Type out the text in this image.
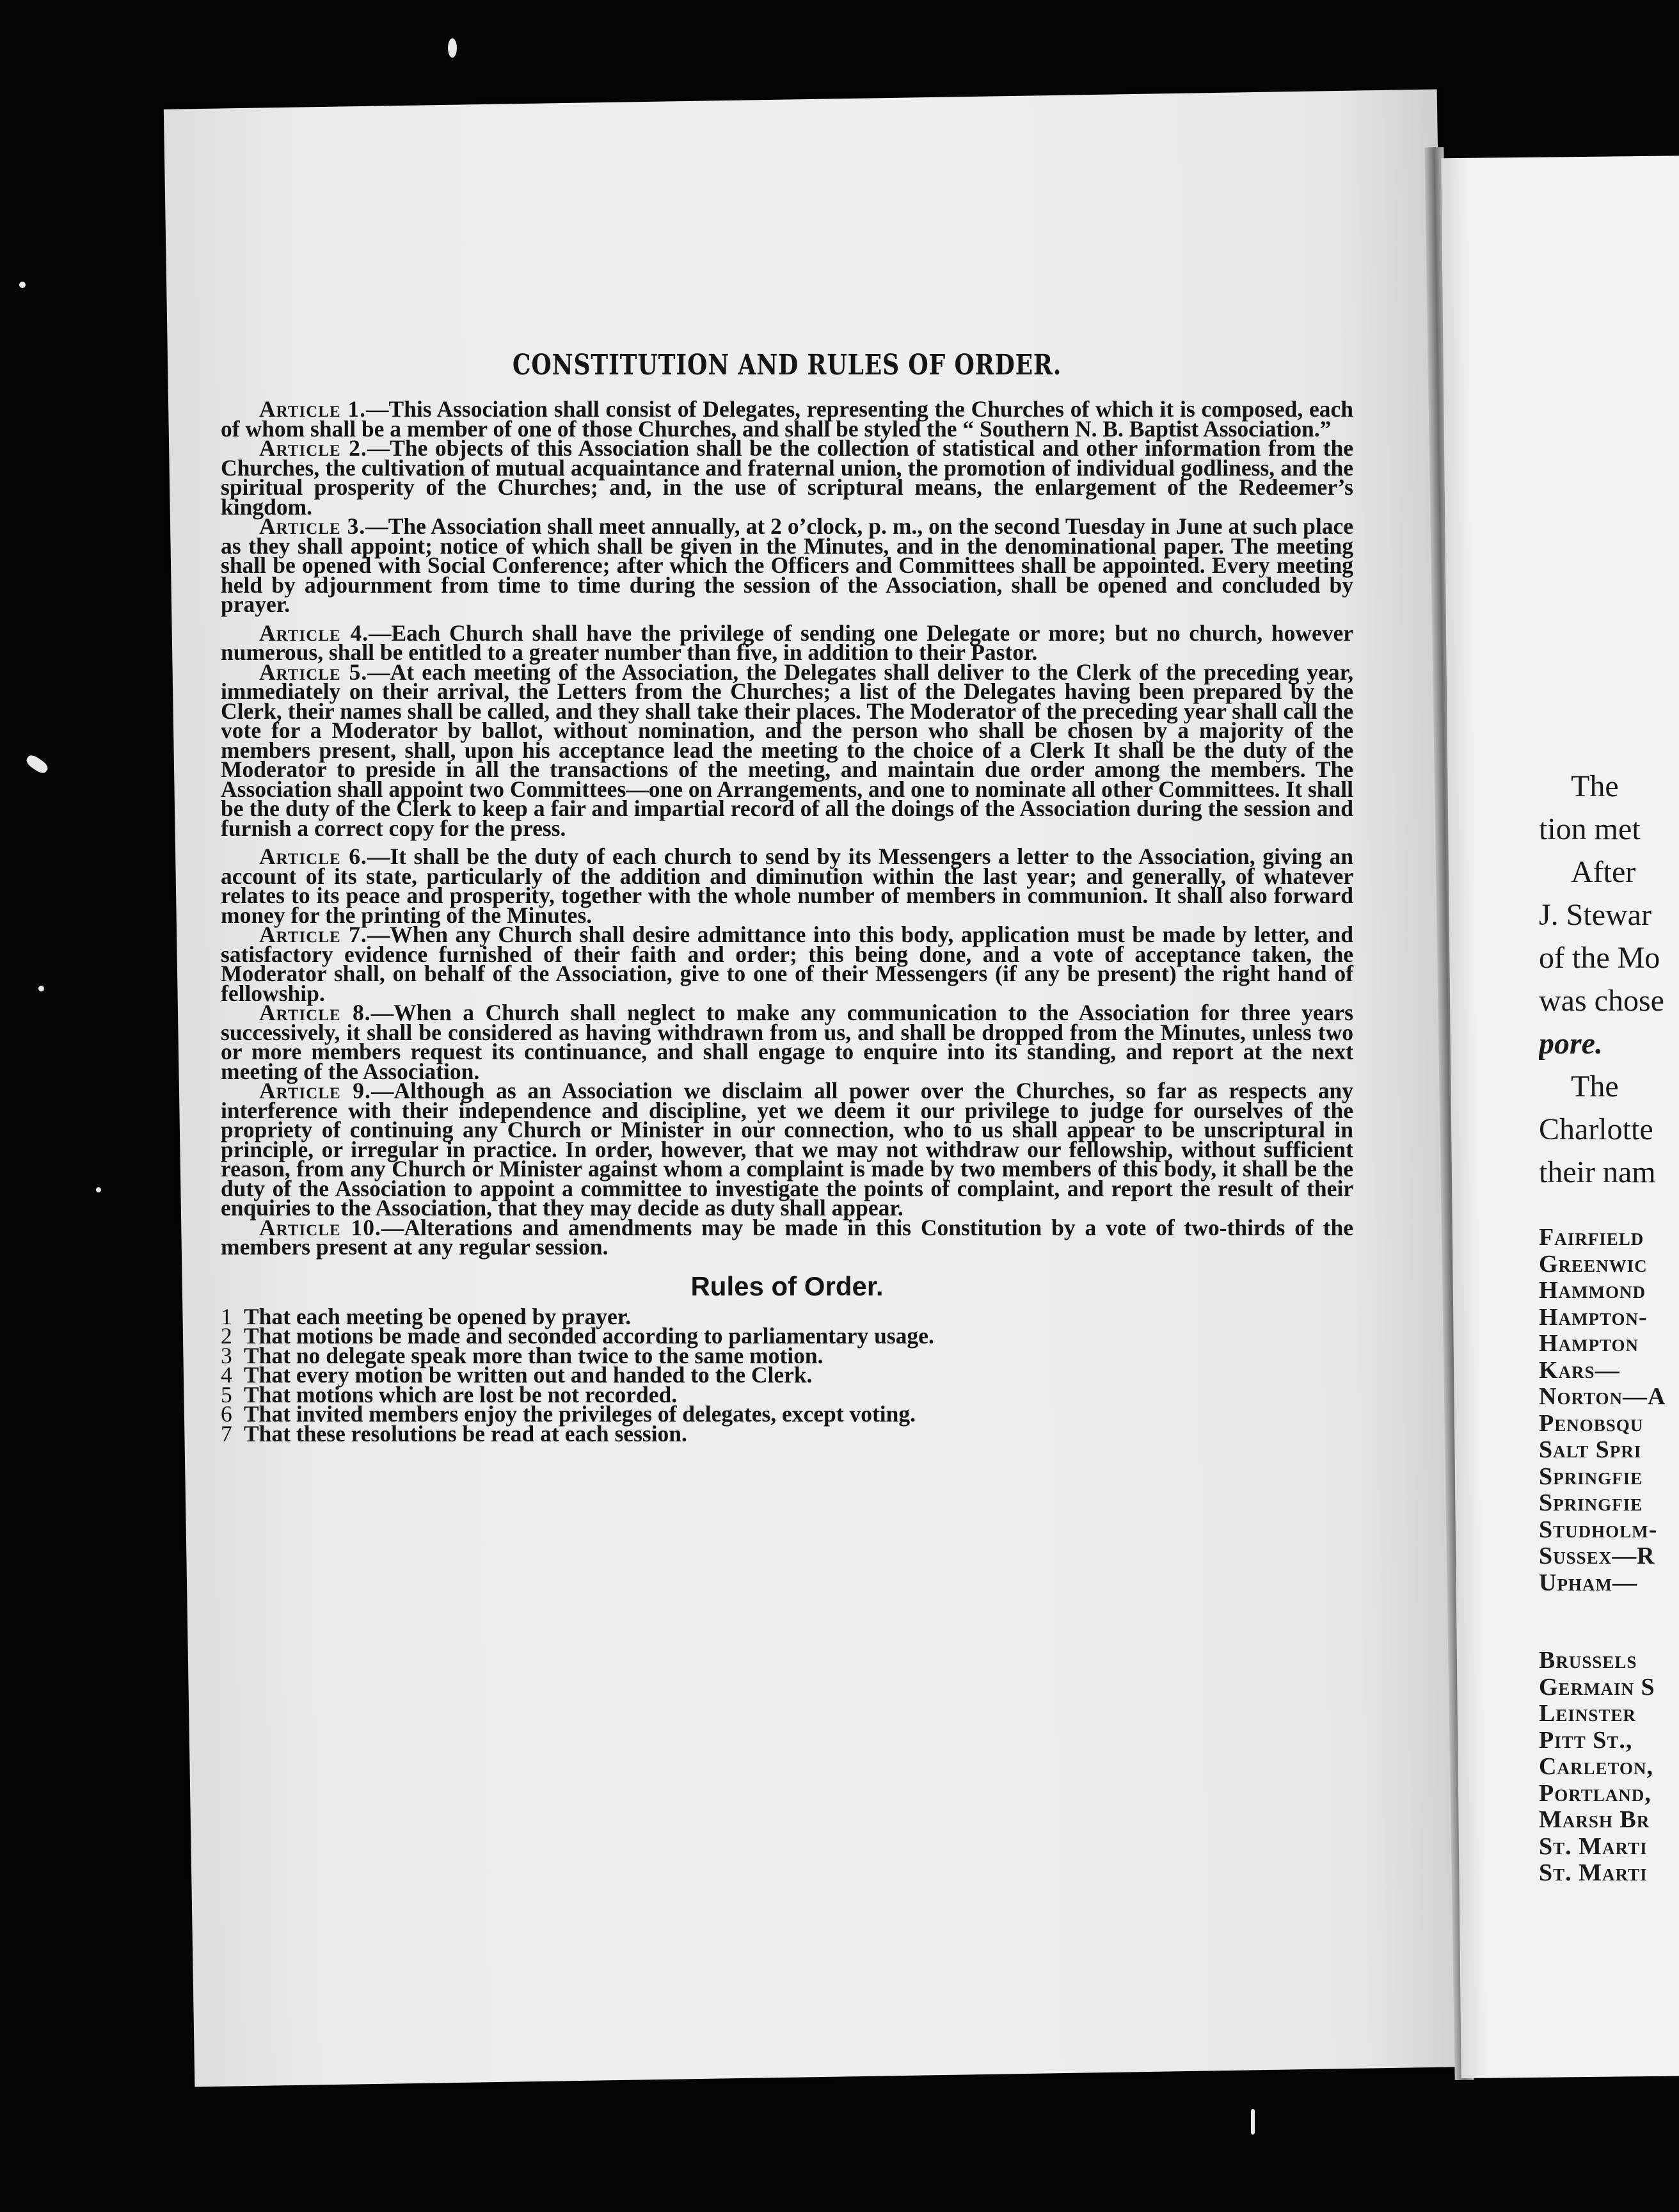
CONSTITUTION AND RULES OF ORDER.

Article 1.—This Association shall consist of Delegates, representing the Churches of which it is composed, each of whom shall be a member of one of those Churches, and shall be styled the “ Southern N. B. Baptist Association.”

Article 2.—The objects of this Association shall be the collection of statistical and other information from the Churches, the cultivation of mutual acquaintance and fraternal union, the promotion of individual godliness, and the spiritual prosperity of the Churches; and, in the use of scriptural means, the enlargement of the Redeemer’s kingdom.

Article 3.—The Association shall meet annually, at 2 o’clock, p. m., on the second Tuesday in June at such place as they shall appoint; notice of which shall be given in the Minutes, and in the denominational paper. The meeting shall be opened with Social Conference; after which the Officers and Committees shall be appointed. Every meeting held by adjournment from time to time during the session of the Association, shall be opened and concluded by prayer.

Article 4.—Each Church shall have the privilege of sending one Delegate or more; but no church, however numerous, shall be entitled to a greater number than five, in addition to their Pastor.

Article 5.—At each meeting of the Association, the Delegates shall deliver to the Clerk of the preceding year, immediately on their arrival, the Letters from the Churches; a list of the Delegates having been prepared by the Clerk, their names shall be called, and they shall take their places. The Moderator of the preceding year shall call the vote for a Moderator by ballot, without nomination, and the person who shall be chosen by a majority of the members present, shall, upon his acceptance lead the meeting to the choice of a Clerk It shall be the duty of the Moderator to preside in all the transactions of the meeting, and maintain due order among the members. The Association shall appoint two Committees—one on Arrangements, and one to nominate all other Committees. It shall be the duty of the Clerk to keep a fair and impartial record of all the doings of the Association during the session and furnish a correct copy for the press.

Article 6.—It shall be the duty of each church to send by its Messengers a letter to the Association, giving an account of its state, particularly of the addition and diminution within the last year; and generally, of whatever relates to its peace and prosperity, together with the whole number of members in communion. It shall also forward money for the printing of the Minutes.

Article 7.—When any Church shall desire admittance into this body, application must be made by letter, and satisfactory evidence furnished of their faith and order; this being done, and a vote of acceptance taken, the Moderator shall, on behalf of the Association, give to one of their Messengers (if any be present) the right hand of fellowship.

Article 8.—When a Church shall neglect to make any communication to the Association for three years successively, it shall be considered as having withdrawn from us, and shall be dropped from the Minutes, unless two or more members request its continuance, and shall engage to enquire into its standing, and report at the next meeting of the Association.

Article 9.—Although as an Association we disclaim all power over the Churches, so far as respects any interference with their independence and discipline, yet we deem it our privilege to judge for ourselves of the propriety of continuing any Church or Minister in our connection, who to us shall appear to be unscriptural in principle, or irregular in practice. In order, however, that we may not withdraw our fellowship, without sufficient reason, from any Church or Minister against whom a complaint is made by two members of this body, it shall be the duty of the Association to appoint a committee to investigate the points of complaint, and report the result of their enquiries to the Association, that they may decide as duty shall appear.

Article 10.—Alterations and amendments may be made in this Constitution by a vote of two-thirds of the members present at any regular session.

Rules of Order.
1 That each meeting be opened by prayer.
2 That motions be made and seconded according to parliamentary usage.
3 That no delegate speak more than twice to the same motion.
4 That every motion be written out and handed to the Clerk.
5 That motions which are lost be not recorded.
6 That invited members enjoy the privileges of delegates, except voting.
7 That these resolutions be read at each session.

The

tion met

After

J. Stewar

of the Mo

was chose

pore.

The

Charlotte

their nam

Fairfield
Greenwic
Hammond
Hampton-
Hampton
Kars—
Norton—A
Penobsqu
Salt Spri
Springfie
Springfie
Studholm-
Sussex—R
Upham—
Brussels
Germain S
Leinster
Pitt St.,
Carleton,
Portland,
Marsh Br
St. Marti
St. Marti
